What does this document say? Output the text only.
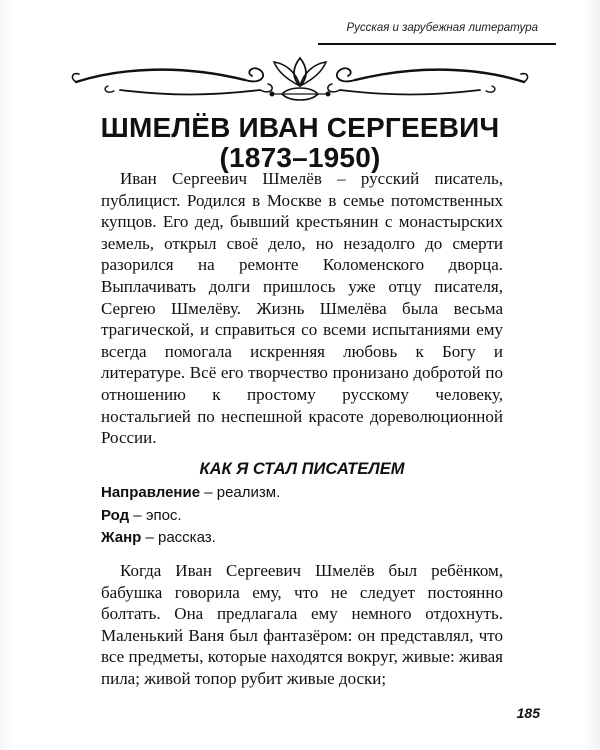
Русская и зарубежная литература
ШМЕЛЁВ ИВАН СЕРГЕЕВИЧ
(1873–1950)

Иван Сергеевич Шмелёв – русский писатель, публицист. Родился в Москве в семье потомственных купцов. Его дед, бывший крестьянин с монастырских земель, открыл своё дело, но незадолго до смерти разорился на ремонте Коломенского дворца. Выплачивать долги пришлось уже отцу писателя, Сергею Шмелёву. Жизнь Шмелёва была весьма трагической, и справиться со всеми испытаниями ему всегда помогала искренняя любовь к Богу и литературе. Всё его творчество пронизано добротой по отношению к простому русскому человеку, ностальгией по неспешной красоте дореволюционной России.

КАК Я СТАЛ ПИСАТЕЛЕМ
Направление – реализм.
Род – эпос.
Жанр – рассказ.

Когда Иван Сергеевич Шмелёв был ребёнком, бабушка говорила ему, что не следует постоянно болтать. Она предлагала ему немного отдохнуть. Маленький Ваня был фантазёром: он представлял, что все предметы, которые находятся вокруг, живые: живая пила; живой топор рубит живые доски;

185
